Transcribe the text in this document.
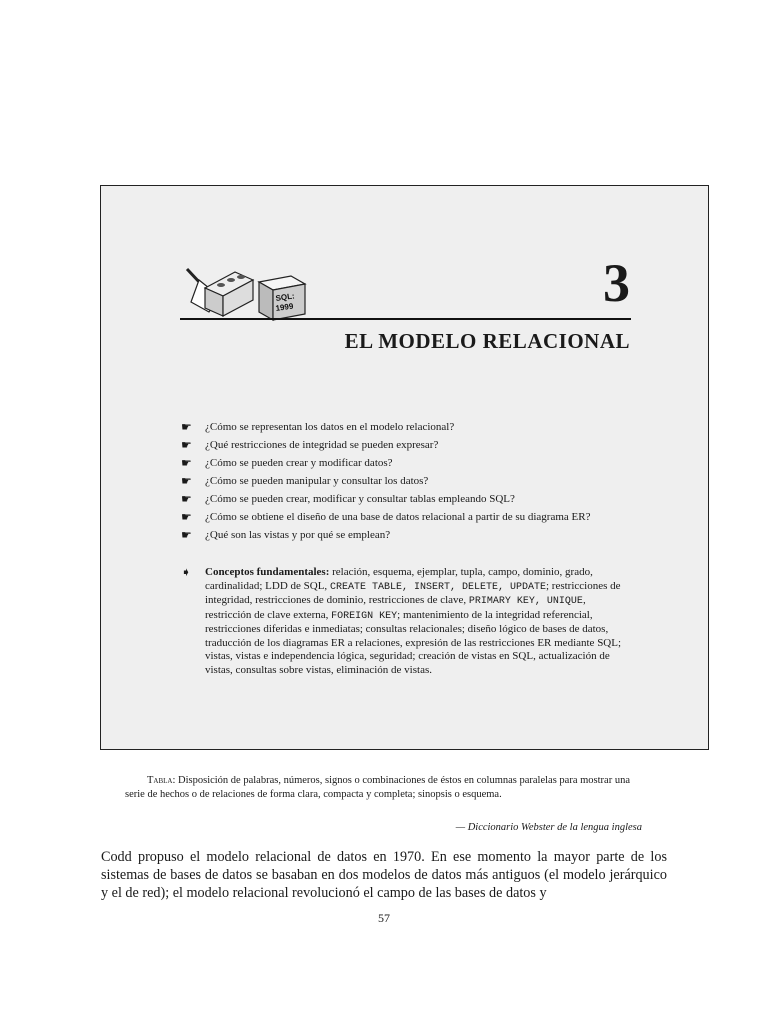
SQL:
1999	3
EL MODELO RELACIONAL
☛ ¿Cómo se representan los datos en el modelo relacional?
☛ ¿Qué restricciones de integridad se pueden expresar?
☛ ¿Cómo se pueden crear y modificar datos?
☛ ¿Cómo se pueden manipular y consultar los datos?
☛ ¿Cómo se pueden crear, modificar y consultar tablas empleando SQL?
☛ ¿Cómo se obtiene el diseño de una base de datos relacional a partir de su diagrama ER?
☛ ¿Qué son las vistas y por qué se emplean?
➧ Conceptos fundamentales: relación, esquema, ejemplar, tupla, campo, dominio, grado, cardinalidad; LDD de SQL, CREATE TABLE, INSERT, DELETE, UPDATE; restricciones de integridad, restricciones de dominio, restricciones de clave, PRIMARY KEY, UNIQUE, restricción de clave externa, FOREIGN KEY; mantenimiento de la integridad referencial, restricciones diferidas e inmediatas; consultas relacionales; diseño lógico de bases de datos, traducción de los diagramas ER a relaciones, expresión de las restricciones ER mediante SQL; vistas, vistas e independencia lógica, seguridad; creación de vistas en SQL, actualización de vistas, consultas sobre vistas, eliminación de vistas.
Tabla: Disposición de palabras, números, signos o combinaciones de éstos en columnas paralelas para mostrar una serie de hechos o de relaciones de forma clara, compacta y completa; sinopsis o esquema.
— Diccionario Webster de la lengua inglesa
Codd propuso el modelo relacional de datos en 1970. En ese momento la mayor parte de los sistemas de bases de datos se basaban en dos modelos de datos más antiguos (el modelo jerárquico y el de red); el modelo relacional revolucionó el campo de las bases de datos y
57
